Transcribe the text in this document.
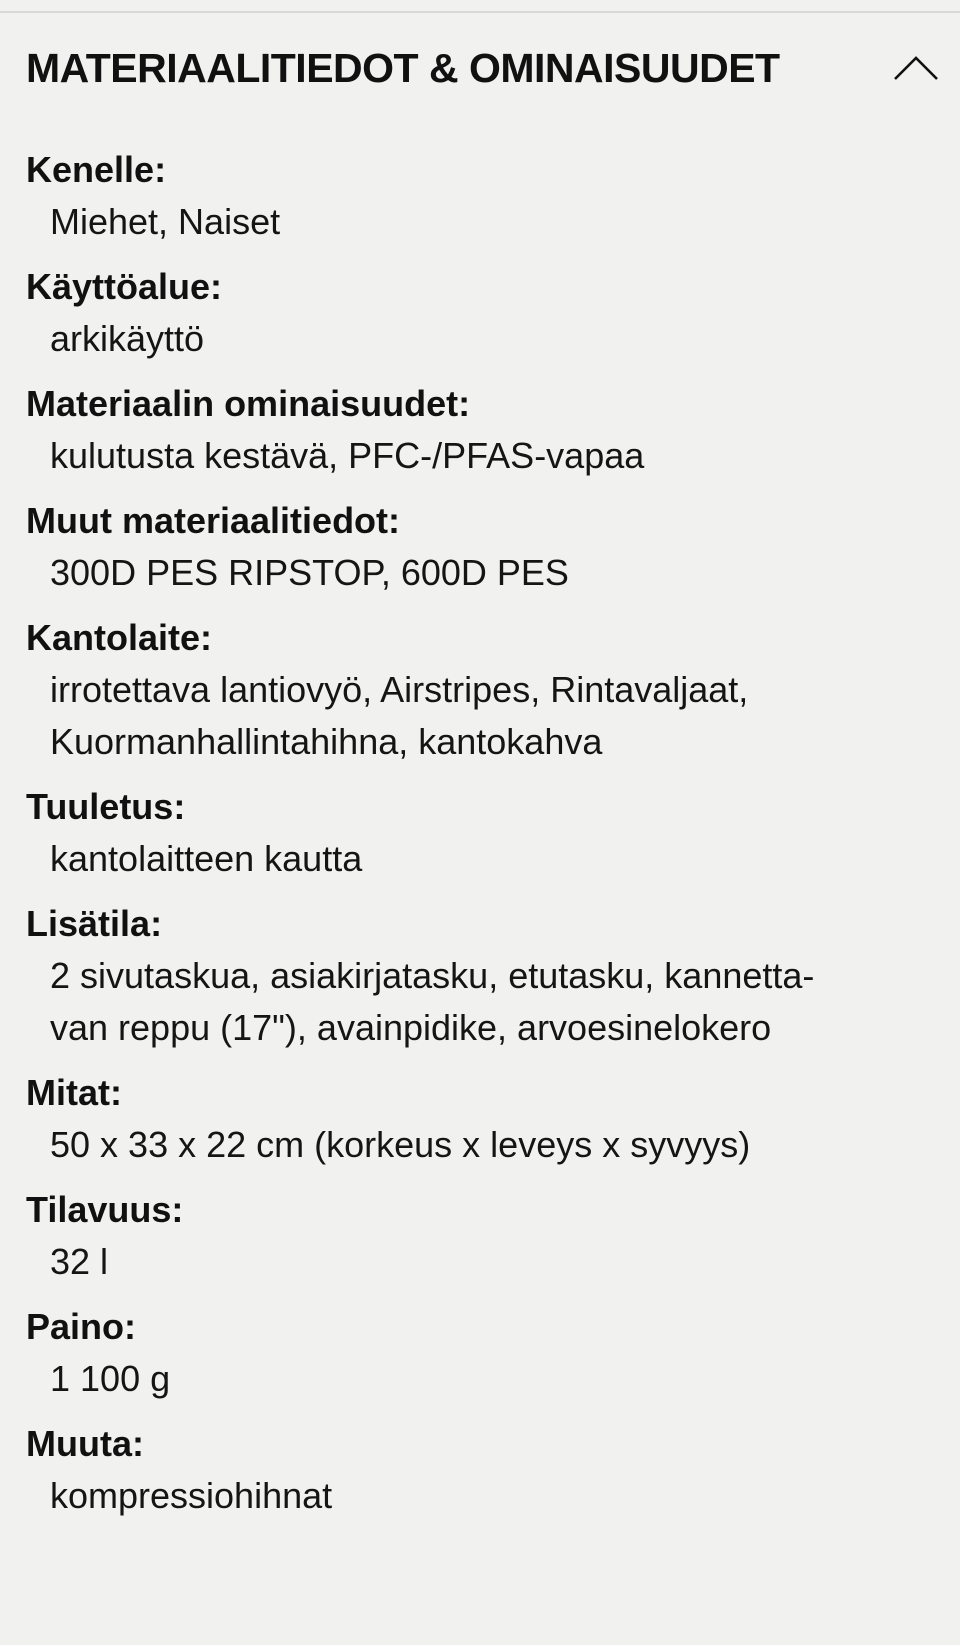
MATERIAALITIEDOT & OMINAISUUDET
Kenelle :
Miehet, Naiset
Käyttöalue :
arkikäyttö
Materiaalin ominaisuudet :
kulutusta kestävä, PFC-/PFAS-vapaa
Muut materiaalitiedot :
300D PES RIPSTOP, 600D PES
Kantolaite :
irrotettava lantiovyö, Airstripes, Rintavaljaat,
Kuormanhallintahihna, kantokahva
Tuuletus :
kantolaitteen kautta
Lisätila :
2 sivutaskua, asiakirjatasku, etutasku, kannetta-
van reppu (17"), avainpidike, arvoesinelokero
Mitat :
50 x 33 x 22 cm (korkeus x leveys x syvyys)
Tilavuus :
32 l
Paino :
1 100 g
Muuta :
kompressiohihnat
